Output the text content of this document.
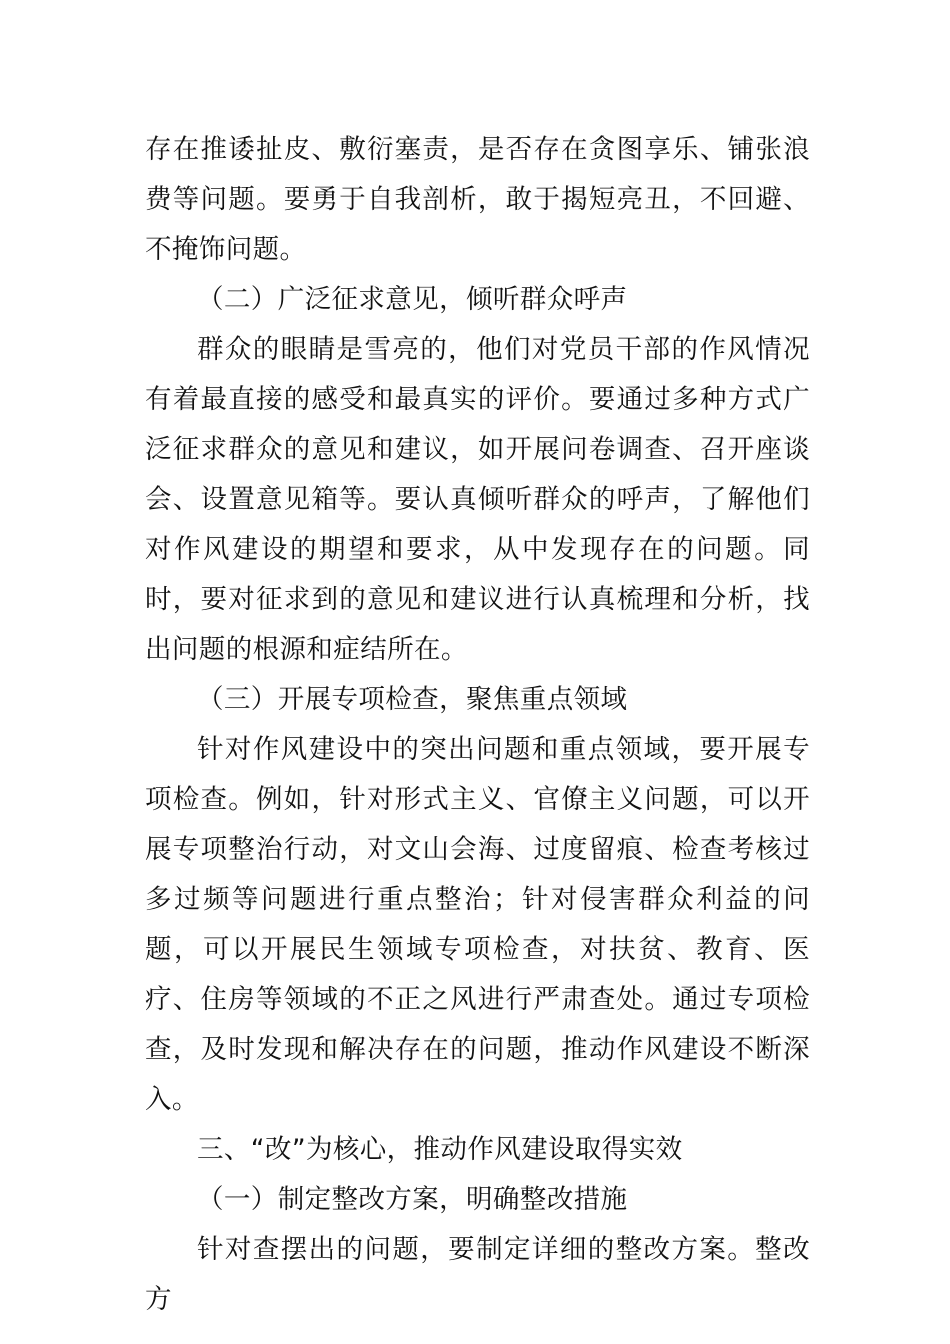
存在推诿扯皮、敷衍塞责，是否存在贪图享乐、铺张浪费等问题。要勇于自我剖析，敢于揭短亮丑，不回避、不掩饰问题。

（二）广泛征求意见，倾听群众呼声

群众的眼睛是雪亮的，他们对党员干部的作风情况有着最直接的感受和最真实的评价。要通过多种方式广泛征求群众的意见和建议，如开展问卷调查、召开座谈会、设置意见箱等。要认真倾听群众的呼声，了解他们对作风建设的期望和要求，从中发现存在的问题。同时，要对征求到的意见和建议进行认真梳理和分析，找出问题的根源和症结所在。

（三）开展专项检查，聚焦重点领域

针对作风建设中的突出问题和重点领域，要开展专项检查。例如，针对形式主义、官僚主义问题，可以开展专项整治行动，对文山会海、过度留痕、检查考核过多过频等问题进行重点整治；针对侵害群众利益的问题，可以开展民生领域专项检查，对扶贫、教育、医疗、住房等领域的不正之风进行严肃查处。通过专项检查，及时发现和解决存在的问题，推动作风建设不断深入。

三、“改”为核心，推动作风建设取得实效

（一）制定整改方案，明确整改措施

针对查摆出的问题，要制定详细的整改方案。整改方
